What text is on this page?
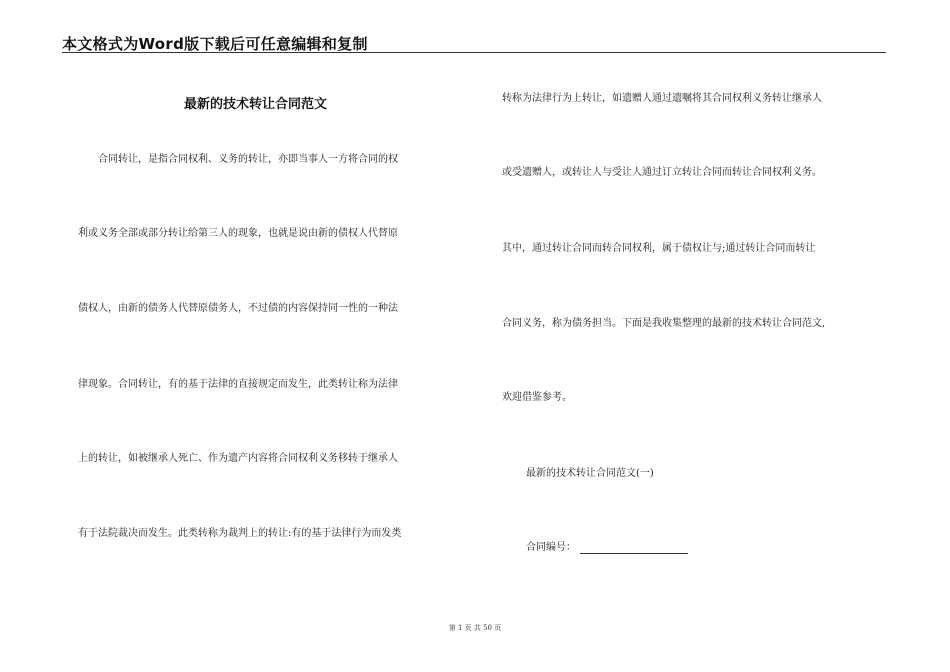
本文格式为Word版下载后可任意编辑和复制
最新的技术转让合同范文
合同转让，是指合同权利、义务的转让，亦即当事人一方将合同的权
利或义务全部或部分转让给第三人的现象，也就是说由新的债权人代替原
债权人，由新的债务人代替原债务人，不过债的内容保持同一性的一种法
律现象。合同转让，有的基于法律的直接规定而发生，此类转让称为法律
上的转让，如被继承人死亡、作为遗产内容将合同权利义务移转于继承人
有于法院裁决而发生。此类转称为裁判上的转让:有的基于法律行为而发类
转称为法律行为上转让，如遗赠人通过遗嘱将其合同权利义务转让继承人
或受遗赠人，或转让人与受让人通过订立转让合同而转让合同权利义务。
其中，通过转让合同而转合同权利，属于债权让与;通过转让合同而转让
合同义务，称为债务担当。下面是我收集整理的最新的技术转让合同范文,
欢迎借鉴参考。
最新的技术转让合同范文(一)
合同编号：
第 1 页 共 50 页
